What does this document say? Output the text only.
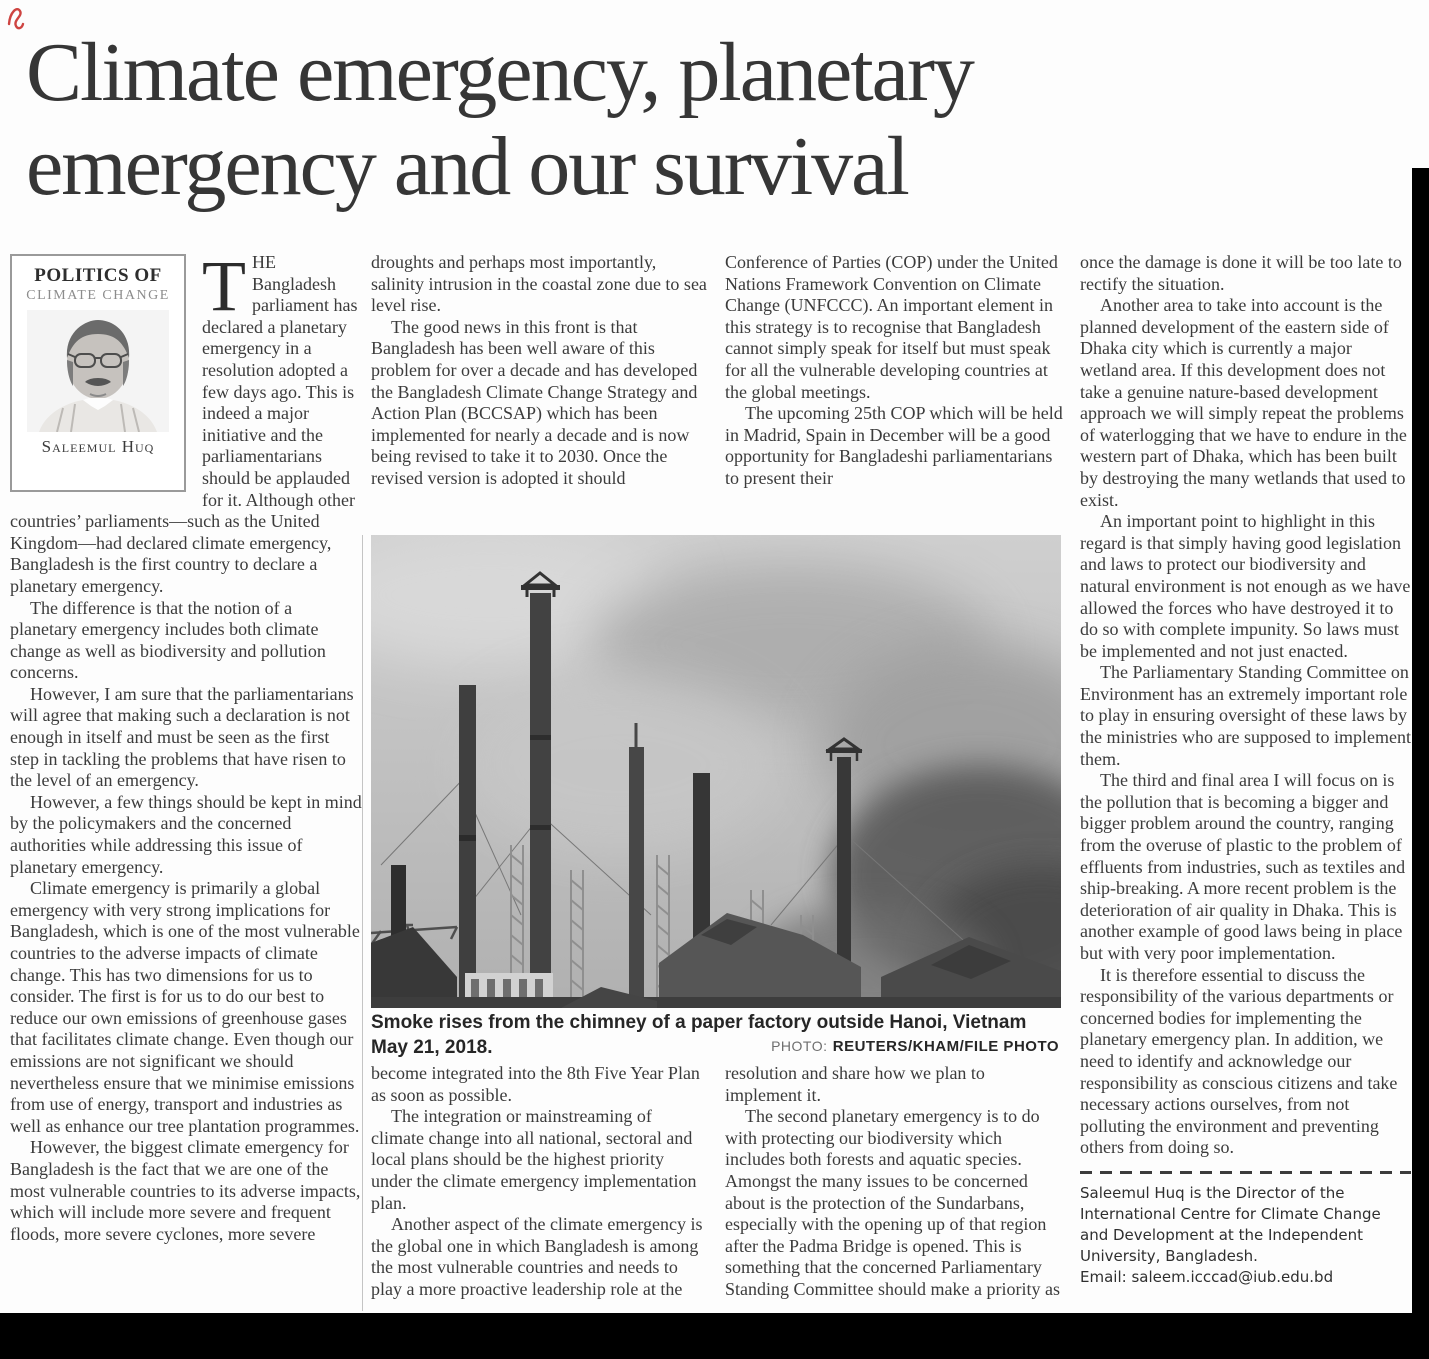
Climate emergency, planetary
emergency and our survival
POLITICS OF
CLIMATE CHANGE
Saleemul Huq

THE Bangladesh parliament has declared a planetary emergency in a resolution adopted a few days ago. This is indeed a major initiative and the parliamentarians should be applauded for it. Although other countries’ parliaments—such as the United Kingdom—had declared climate emergency, Bangladesh is the first country to declare a planetary emergency.

The difference is that the notion of a planetary emergency includes both climate change as well as biodiversity and pollution concerns.

However, I am sure that the parliamentarians will agree that making such a declaration is not enough in itself and must be seen as the first step in tackling the problems that have risen to the level of an emergency.

However, a few things should be kept in mind by the policymakers and the concerned authorities while addressing this issue of planetary emergency.

Climate emergency is primarily a global emergency with very strong implications for Bangladesh, which is one of the most vulnerable countries to the adverse impacts of climate change. This has two dimensions for us to consider. The first is for us to do our best to reduce our own emissions of greenhouse gases that facilitates climate change. Even though our emissions are not significant we should nevertheless ensure that we minimise emissions from use of energy, transport and industries as well as enhance our tree plantation programmes.

However, the biggest climate emergency for Bangladesh is the fact that we are one of the most vulnerable countries to its adverse impacts, which will include more severe and frequent floods, more severe cyclones, more severe

droughts and perhaps most importantly, salinity intrusion in the coastal zone due to sea level rise.

The good news in this front is that Bangladesh has been well aware of this problem for over a decade and has developed the Bangladesh Climate Change Strategy and Action Plan (BCCSAP) which has been implemented for nearly a decade and is now being revised to take it to 2030. Once the revised version is adopted it should

Conference of Parties (COP) under the United Nations Framework Convention on Climate Change (UNFCCC). An important element in this strategy is to recognise that Bangladesh cannot simply speak for itself but must speak for all the vulnerable developing countries at the global meetings.

The upcoming 25th COP which will be held in Madrid, Spain in December will be a good opportunity for Bangladeshi parliamentarians to present their

Smoke rises from the chimney of a paper factory outside Hanoi, Vietnam May 21, 2018.	PHOTO: REUTERS/KHAM/FILE PHOTO

become integrated into the 8th Five Year Plan as soon as possible.

The integration or mainstreaming of climate change into all national, sectoral and local plans should be the highest priority under the climate emergency implementation plan.

Another aspect of the climate emergency is the global one in which Bangladesh is among the most vulnerable countries and needs to play a more proactive leadership role at the

resolution and share how we plan to implement it.

The second planetary emergency is to do with protecting our biodiversity which includes both forests and aquatic species. Amongst the many issues to be concerned about is the protection of the Sundarbans, especially with the opening up of that region after the Padma Bridge is opened. This is something that the concerned Parliamentary Standing Committee should make a priority as

once the damage is done it will be too late to rectify the situation.

Another area to take into account is the planned development of the eastern side of Dhaka city which is currently a major wetland area. If this development does not take a genuine nature-based development approach we will simply repeat the problems of waterlogging that we have to endure in the western part of Dhaka, which has been built by destroying the many wetlands that used to exist.

An important point to highlight in this regard is that simply having good legislation and laws to protect our biodiversity and natural environment is not enough as we have allowed the forces who have destroyed it to do so with complete impunity. So laws must be implemented and not just enacted.

The Parliamentary Standing Committee on Environment has an extremely important role to play in ensuring oversight of these laws by the ministries who are supposed to implement them.

The third and final area I will focus on is the pollution that is becoming a bigger and bigger problem around the country, ranging from the overuse of plastic to the problem of effluents from industries, such as textiles and ship-breaking. A more recent problem is the deterioration of air quality in Dhaka. This is another example of good laws being in place but with very poor implementation.

It is therefore essential to discuss the responsibility of the various departments or concerned bodies for implementing the planetary emergency plan. In addition, we need to identify and acknowledge our responsibility as conscious citizens and take necessary actions ourselves, from not polluting the environment and preventing others from doing so.

Saleemul Huq is the Director of the International Centre for Climate Change and Development at the Independent University, Bangladesh.
Email: saleem.icccad@iub.edu.bd
